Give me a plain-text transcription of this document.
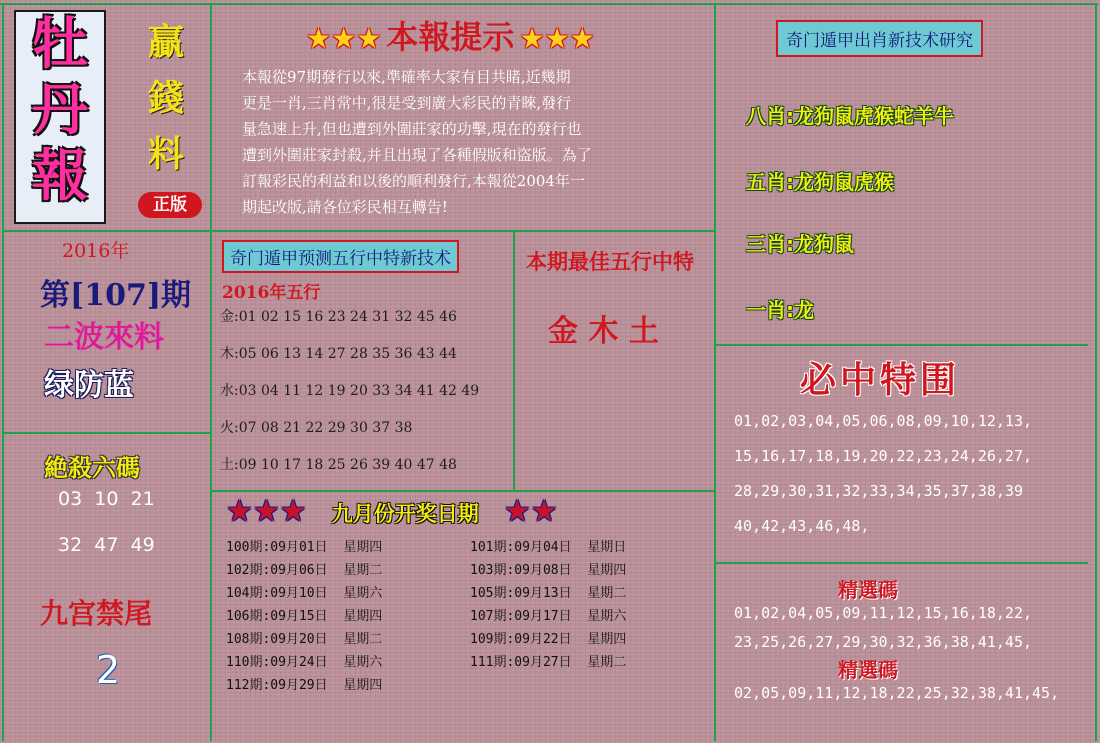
牡
丹
報
贏
錢
料
正版
2016年
第[107]期
二波來料
绿防蓝
絶殺六碼
03  10  21
32  47  49
九宫禁尾
2
★★★ 本報提示 ★★★
本報從97期發行以來,準確率大家有目共睹,近幾期
更是一肖,三肖常中,很是受到廣大彩民的青睞,發行
量急速上升,但也遭到外圍莊家的功擊,現在的發行也
遭到外圍莊家封殺,并且出現了各種假版和盜版。為了
訂報彩民的利益和以後的順利發行,本報從2004年一
期起改版,請各位彩民相互轉告!
奇门遁甲预测五行中特新技术
2016年五行
金:01 02 15 16 23 24 31 32 45 46
木:05 06 13 14 27 28 35 36 43 44
水:03 04 11 12 19 20 33 34 41 42 49
火:07 08 21 22 29 30 37 38
土:09 10 17 18 25 26 39 40 47 48
本期最佳五行中特
金 木 土
★★★ 九月份开奖日期 ★★
100期:09月01日  星期四	101期:09月04日  星期日
102期:09月06日  星期二	103期:09月08日  星期四
104期:09月10日  星期六	105期:09月13日  星期二
106期:09月15日  星期四	107期:09月17日  星期六
108期:09月20日  星期二	109期:09月22日  星期四
110期:09月24日  星期六	111期:09月27日  星期二
112期:09月29日  星期四
奇门遁甲出肖新技术研究
八肖:龙狗鼠虎猴蛇羊牛
五肖:龙狗鼠虎猴
三肖:龙狗鼠
一肖:龙
必中特围
01,02,03,04,05,06,08,09,10,12,13,
15,16,17,18,19,20,22,23,24,26,27,
28,29,30,31,32,33,34,35,37,38,39
40,42,43,46,48,
精選碼
01,02,04,05,09,11,12,15,16,18,22,
23,25,26,27,29,30,32,36,38,41,45,
精選碼
02,05,09,11,12,18,22,25,32,38,41,45,
